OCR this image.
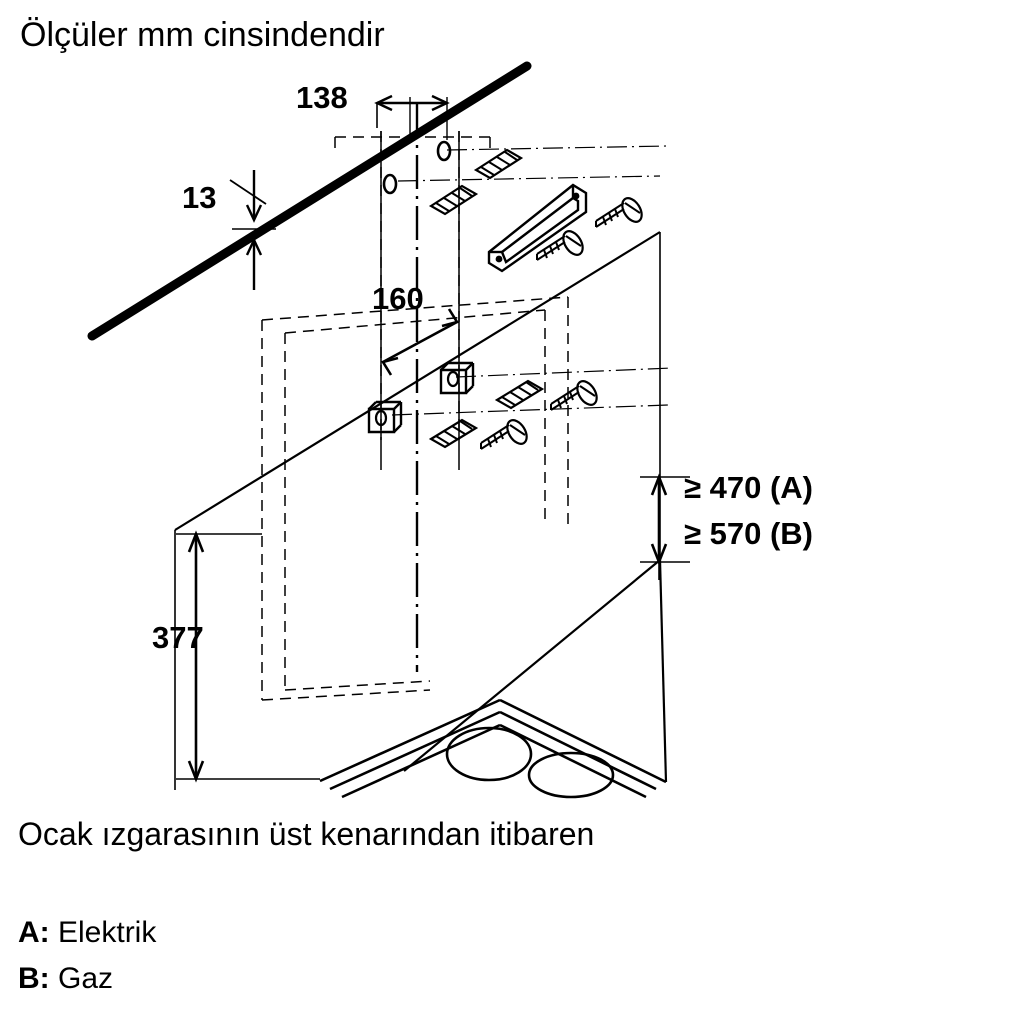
Ölçüler mm cinsindendir
138
13
160
377
≥ 470 (A)
≥ 570 (B)
Ocak ızgarasının üst kenarından itibaren
A: Elektrik
B: Gaz
